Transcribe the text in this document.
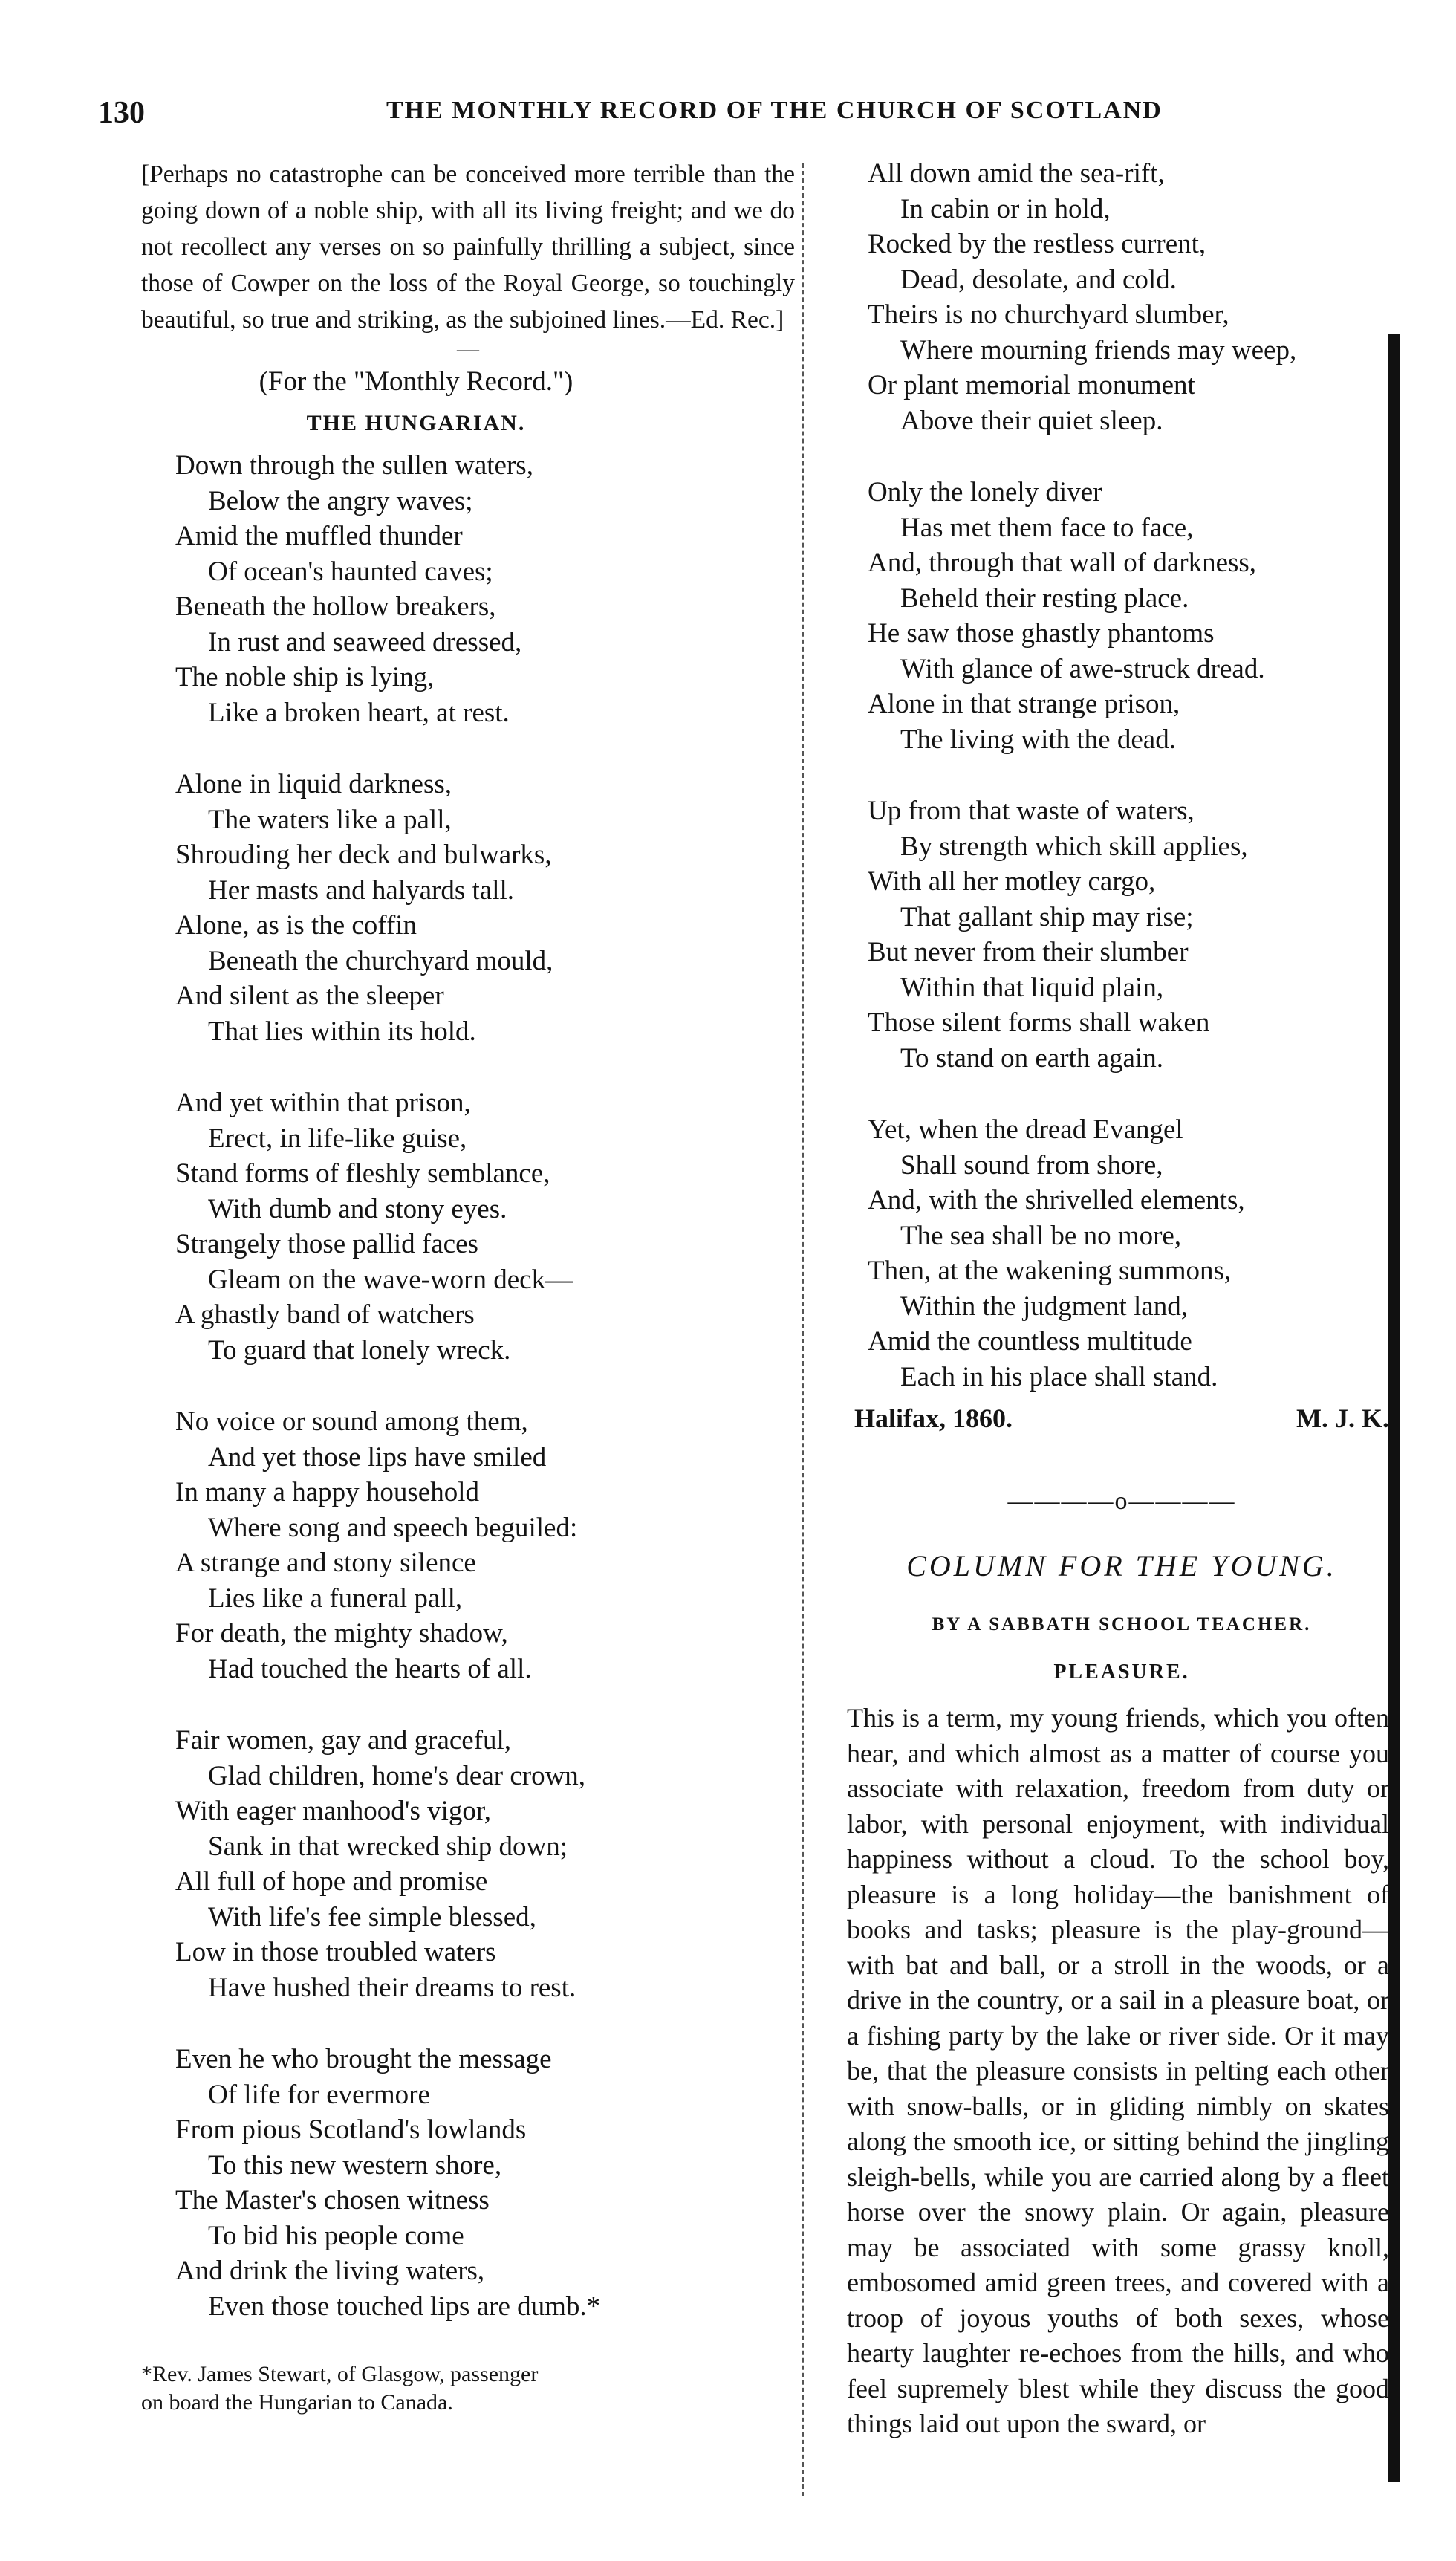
130	THE MONTHLY RECORD OF THE CHURCH OF SCOTLAND
[Perhaps no catastrophe can be conceived more terrible than the going down of a noble ship, with all its living freight; and we do not recollect any verses on so painfully thrilling a subject, since those of Cowper on the loss of the Royal George, so touchingly beautiful, so true and striking, as the subjoined lines.—Ed. Rec.]
—
(For the "Monthly Record.")
THE HUNGARIAN.
Down through the sullen waters,
Below the angry waves;
Amid the muffled thunder
Of ocean's haunted caves;
Beneath the hollow breakers,
In rust and seaweed dressed,
The noble ship is lying,
Like a broken heart, at rest.
Alone in liquid darkness,
The waters like a pall,
Shrouding her deck and bulwarks,
Her masts and halyards tall.
Alone, as is the coffin
Beneath the churchyard mould,
And silent as the sleeper
That lies within its hold.
And yet within that prison,
Erect, in life-like guise,
Stand forms of fleshly semblance,
With dumb and stony eyes.
Strangely those pallid faces
Gleam on the wave-worn deck—
A ghastly band of watchers
To guard that lonely wreck.
No voice or sound among them,
And yet those lips have smiled
In many a happy household
Where song and speech beguiled:
A strange and stony silence
Lies like a funeral pall,
For death, the mighty shadow,
Had touched the hearts of all.
Fair women, gay and graceful,
Glad children, home's dear crown,
With eager manhood's vigor,
Sank in that wrecked ship down;
All full of hope and promise
With life's fee simple blessed,
Low in those troubled waters
Have hushed their dreams to rest.
Even he who brought the message
Of life for evermore
From pious Scotland's lowlands
To this new western shore,
The Master's chosen witness
To bid his people come
And drink the living waters,
Even those touched lips are dumb.*
*Rev. James Stewart, of Glasgow, passenger
on board the Hungarian to Canada.
All down amid the sea-rift,
In cabin or in hold,
Rocked by the restless current,
Dead, desolate, and cold.
Theirs is no churchyard slumber,
Where mourning friends may weep,
Or plant memorial monument
Above their quiet sleep.
Only the lonely diver
Has met them face to face,
And, through that wall of darkness,
Beheld their resting place.
He saw those ghastly phantoms
With glance of awe-struck dread.
Alone in that strange prison,
The living with the dead.
Up from that waste of waters,
By strength which skill applies,
With all her motley cargo,
That gallant ship may rise;
But never from their slumber
Within that liquid plain,
Those silent forms shall waken
To stand on earth again.
Yet, when the dread Evangel
Shall sound from shore,
And, with the shrivelled elements,
The sea shall be no more,
Then, at the wakening summons,
Within the judgment land,
Amid the countless multitude
Each in his place shall stand.
Halifax, 1860.	M. J. K.
————o————
COLUMN FOR THE YOUNG.
BY A SABBATH SCHOOL TEACHER.
PLEASURE.
This is a term, my young friends, which you often hear, and which almost as a matter of course you associate with relaxation, freedom from duty or labor, with personal enjoyment, with individual happiness without a cloud. To the school boy, pleasure is a long holiday—the banishment of books and tasks; pleasure is the play-ground—with bat and ball, or a stroll in the woods, or a drive in the country, or a sail in a pleasure boat, or a fishing party by the lake or river side. Or it may be, that the pleasure consists in pelting each other with snow-balls, or in gliding nimbly on skates along the smooth ice, or sitting behind the jingling sleigh-bells, while you are carried along by a fleet horse over the snowy plain. Or again, pleasure may be associated with some grassy knoll, embosomed amid green trees, and covered with a troop of joyous youths of both sexes, whose hearty laughter re-echoes from the hills, and who feel supremely blest while they discuss the good things laid out upon the sward, or
